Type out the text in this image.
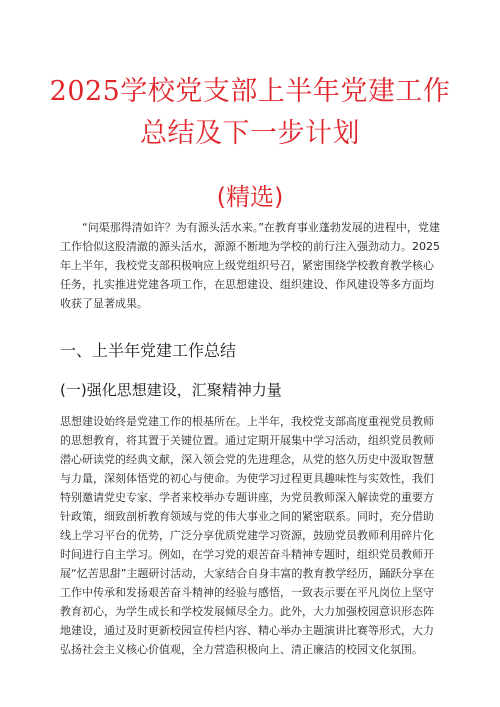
2025学校党支部上半年党建工作
总结及下一步计划
(精选)

“问渠那得清如许？为有源头活水来。”在教育事业蓬勃发展的进程中，党建工作恰似这股清澈的源头活水，源源不断地为学校的前行注入强劲动力。2025年上半年，我校党支部积极响应上级党组织号召，紧密围绕学校教育教学核心任务，扎实推进党建各项工作，在思想建设、组织建设、作风建设等多方面均收获了显著成果。

一、上半年党建工作总结
(一)强化思想建设，汇聚精神力量

思想建设始终是党建工作的根基所在。上半年，我校党支部高度重视党员教师的思想教育，将其置于关键位置。通过定期开展集中学习活动，组织党员教师潜心研读党的经典文献，深入领会党的先进理念，从党的悠久历史中汲取智慧与力量，深刻体悟党的初心与使命。为使学习过程更具趣味性与实效性，我们特别邀请党史专家、学者来校举办专题讲座，为党员教师深入解读党的重要方针政策，细致剖析教育领域与党的伟大事业之间的紧密联系。同时，充分借助线上学习平台的优势，广泛分享优质党建学习资源，鼓励党员教师利用碎片化时间进行自主学习。例如，在学习党的艰苦奋斗精神专题时，组织党员教师开展“忆苦思甜”主题研讨活动，大家结合自身丰富的教育教学经历，踊跃分享在工作中传承和发扬艰苦奋斗精神的经验与感悟，一致表示要在平凡岗位上坚守教育初心，为学生成长和学校发展倾尽全力。此外，大力加强校园意识形态阵地建设，通过及时更新校园宣传栏内容、精心举办主题演讲比赛等形式，大力弘扬社会主义核心价值观，全力营造积极向上、清正廉洁的校园文化氛围。
